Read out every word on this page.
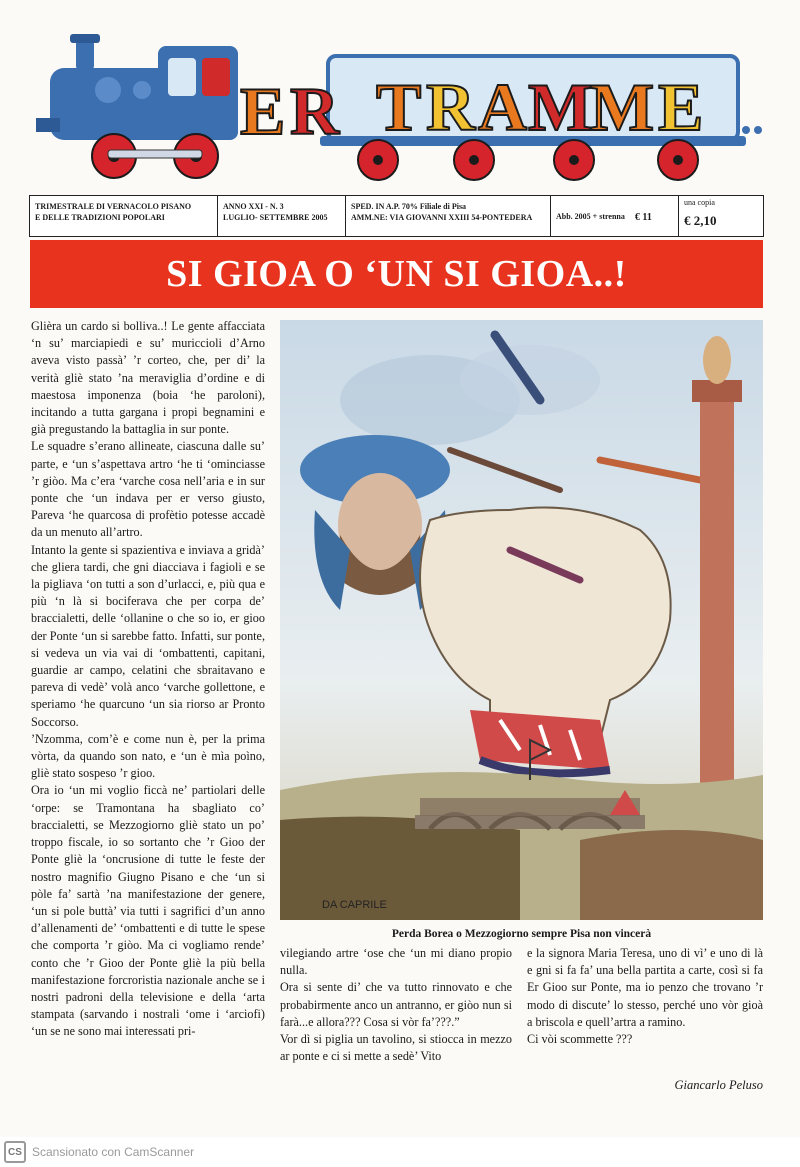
E R T R A M
M E
TRIMESTRALE DI VERNACOLO PISANO
E DELLE TRADIZIONI POPOLARI
ANNO XXI - N. 3
LUGLIO- SETTEMBRE 2005
SPED. IN A.P. 70% Filiale di Pisa
AMM.NE: VIA GIOVANNI XXIII 54-PONTEDERA	Abb. 2005 + strenna € 11
una copia
€ 2,10
SI GIOA O ‘UN SI GIOA..!

Glièra un cardo si bolliva..! Le gente affacciata ‘n su’ marciapiedi e su’ muriccioli d’Arno aveva visto passà’ ’r corteo, che, per di’ la verità gliè stato ’na meraviglia d’ordine e di maestosa imponenza (boia ‘he paroloni), incitando a tutta gargana i propi begnamini e già pregustando la battaglia in sur ponte.

Le squadre s’erano allineate, ciascuna dalle su’ parte, e ‘un s’aspettava artro ‘he ti ‘ominciasse ’r giòo. Ma c’era ‘varche cosa nell’aria e in sur ponte che ‘un indava per er verso giusto, Pareva ‘he quarcosa di profètio potesse accadè da un menuto all’artro.

Intanto la gente si spazientiva e inviava a gridà’ che gliera tardi, che gni diacciava i fagioli e se la pigliava ‘on tutti a son d’urlacci, e, più qua e più ‘n là si bociferava che per corpa de’ braccialetti, delle ‘ollanine o che so io, er gioo der Ponte ‘un si sarebbe fatto. Infatti, sur ponte, si vedeva un via vai di ‘ombattenti, capitani, guardie ar campo, celatini che sbraitavano e pareva di vedè’ volà anco ‘varche gollettone, e speriamo ‘he quarcuno ‘un sia riorso ar Pronto Soccorso.

’Nzomma, com’è e come nun è, per la prima vòrta, da quando son nato, e ‘un è mìa poìno, gliè stato sospeso ’r gioo.

Ora io ‘un mi voglio ficcà ne’ partiolari delle ‘orpe: se Tramontana ha sbagliato co’ braccialetti, se Mezzogiorno gliè stato un po’ troppo fiscale, io so sortanto che ’r Gioo der Ponte gliè la ‘oncrusione di tutte le feste der nostro magnifio Giugno Pisano e che ‘un si pòle fa’ sartà ’na manifestazione der genere, ‘un si pole buttà’ via tutti i sagrifici d’un anno d’allenamenti de’ ‘ombattenti e di tutte le spese che comporta ’r giòo. Ma ci vogliamo rende’ conto che ’r Gioo der Ponte gliè la più bella manifestazione forcroristia nazionale anche se i nostri padroni della televisione e della ‘arta stampata (sarvando i nostrali ‘ome i ‘arciofi) ‘un se ne sono mai interessati pri-

DA CAPRILE
Perda Borea o Mezzogiorno sempre Pisa non vincerà

vilegiando artre ‘ose che ‘un mi diano propio nulla.

Ora si sente di’ che va tutto rinnovato e che probabirmente anco un antranno, er giòo nun si farà...e allora??? Cosa si vòr fa’???.”

Vor dì si piglia un tavolino, si stiocca in mezzo ar ponte e ci si mette a sedè’ Vito

e la signora Maria Teresa, uno di vì’ e uno di là e gni si fa fa’ una bella partita a carte, così si fa Er Gioo sur Ponte, ma io penzo che trovano ’r modo di discute’ lo stesso, perché uno vòr gioà a briscola e quell’artra a ramino.

Ci vòi scommette ???

Giancarlo Peluso
CS Scansionato con CamScanner
